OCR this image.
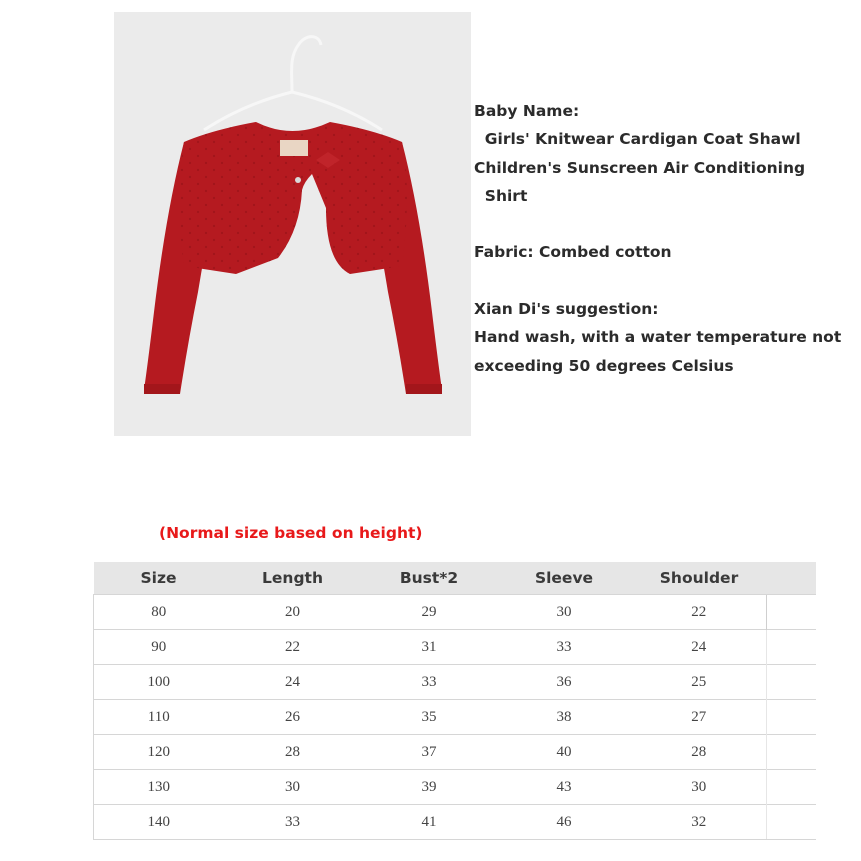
Baby Name:
Girls' Knitwear Cardigan Coat Shawl
Children's Sunscreen Air Conditioning
Shirt
Fabric: Combed cotton
Xian Di's suggestion:
Hand wash, with a water temperature not
exceeding 50 degrees Celsius
(Normal size based on height)
Size	Length	Bust*2	Sleeve	Shoulder	
80	20	29	30	22	
90	22	31	33	24	
100	24	33	36	25	
110	26	35	38	27	
120	28	37	40	28	
130	30	39	43	30	
140	33	41	46	32	
